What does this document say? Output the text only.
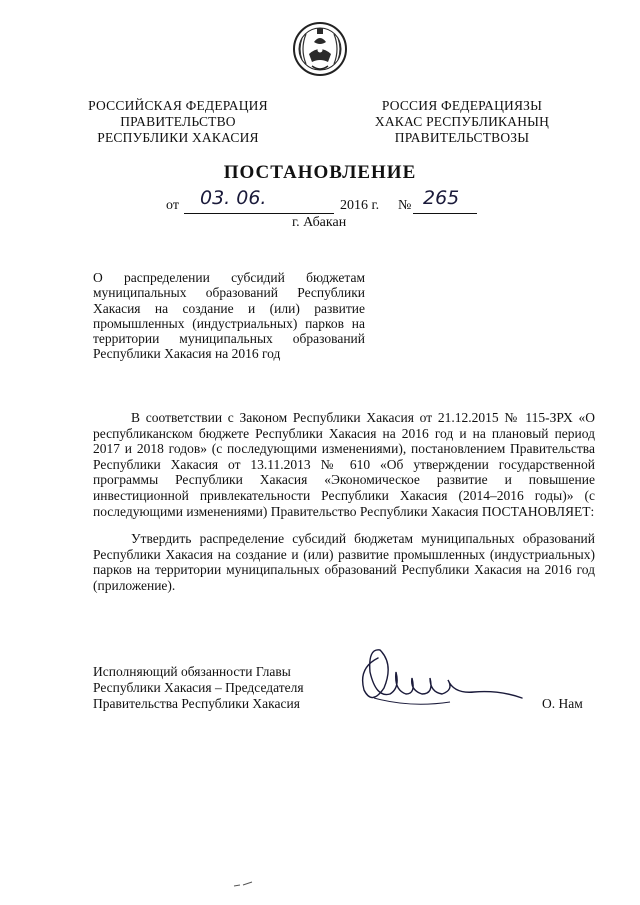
РОССИЙСКАЯ ФЕДЕРАЦИЯ
ПРАВИТЕЛЬСТВО
РЕСПУБЛИКИ ХАКАСИЯ
РОССИЯ ФЕДЕРАЦИЯЗЫ
ХАКАС РЕСПУБЛИКАНЫҢ
ПРАВИТЕЛЬСТВОЗЫ
ПОСТАНОВЛЕНИЕ
от 03. 06.	2016 г. № 265
г. Абакан
О распределении субсидий бюджетам муниципальных образований Республики Хакасия на создание и (или) развитие промышленных (индустриальных) парков на территории муниципальных образований Республики Хакасия на 2016 год
В соответствии с Законом Республики Хакасия от 21.12.2015 № 115-ЗРХ «О республиканском бюджете Республики Хакасия на 2016 год и на плановый период 2017 и 2018 годов» (с последующими изменениями), постановлением Правительства Республики Хакасия от 13.11.2013 № 610 «Об утверждении государственной программы Республики Хакасия «Экономическое развитие и повышение инвестиционной привлекательности Республики Хакасия (2014–2016 годы)» (с последующими изменениями) Правительство Республики Хакасия ПОСТАНОВЛЯЕТ:
Утвердить распределение субсидий бюджетам муниципальных образований Республики Хакасия на создание и (или) развитие промышленных (индустриальных) парков на территории муниципальных образований Республики Хакасия на 2016 год (приложение).
Исполняющий обязанности Главы
Республики Хакасия – Председателя
Правительства Республики Хакасия	О. Нам
